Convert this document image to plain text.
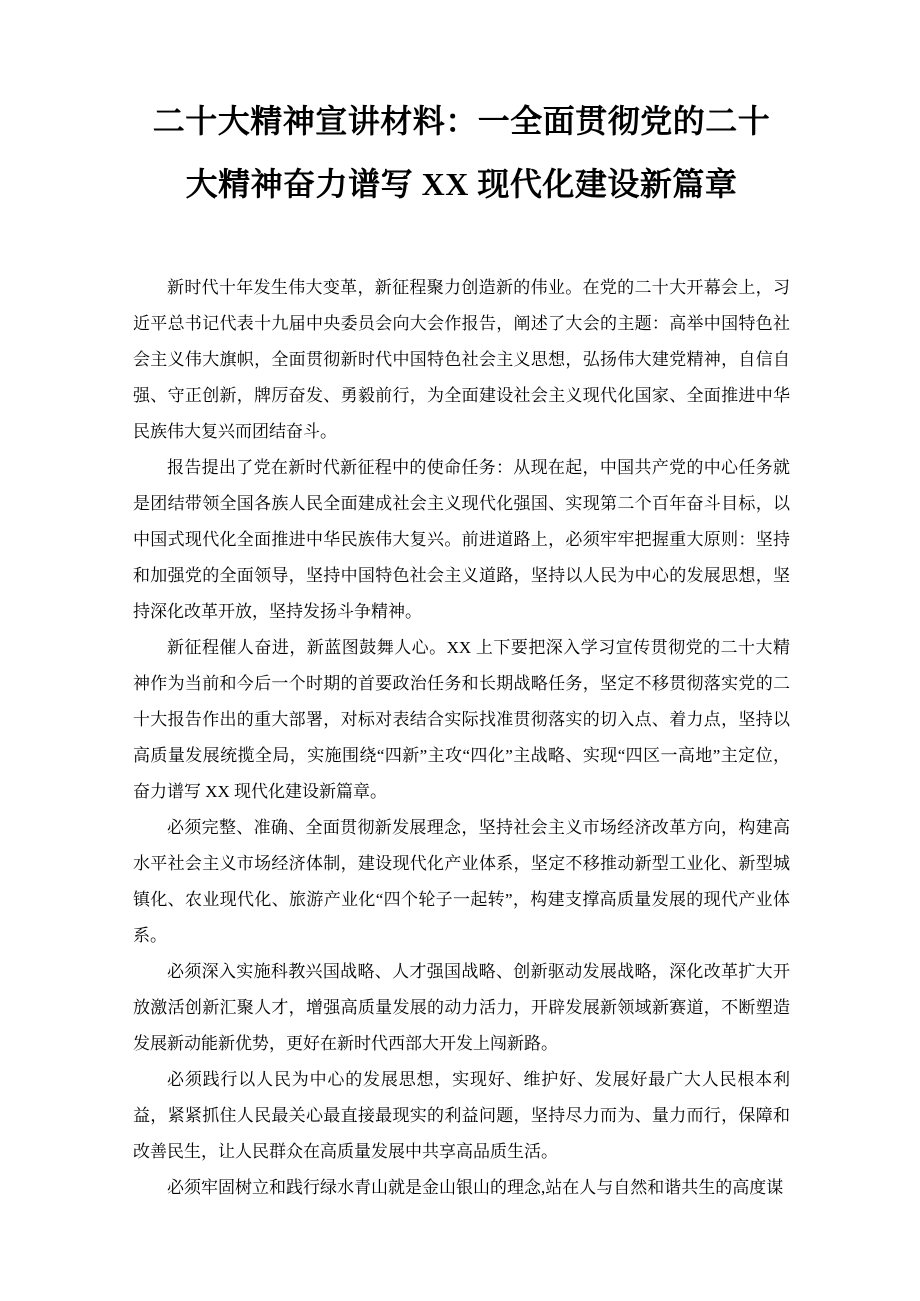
二十大精神宣讲材料：一全面贯彻党的二十
大精神奋力谱写 XX 现代化建设新篇章

新时代十年发生伟大变革，新征程聚力创造新的伟业。在党的二十大开幕会上，习近平总书记代表十九届中央委员会向大会作报告，阐述了大会的主题：高举中国特色社会主义伟大旗帜，全面贯彻新时代中国特色社会主义思想，弘扬伟大建党精神，自信自强、守正创新，牌厉奋发、勇毅前行，为全面建设社会主义现代化国家、全面推进中华民族伟大复兴而团结奋斗。

报告提出了党在新时代新征程中的使命任务：从现在起，中国共产党的中心任务就是团结带领全国各族人民全面建成社会主义现代化强国、实现第二个百年奋斗目标，以中国式现代化全面推进中华民族伟大复兴。前进道路上，必须牢牢把握重大原则：坚持和加强党的全面领导，坚持中国特色社会主义道路，坚持以人民为中心的发展思想，坚持深化改革开放，坚持发扬斗争精神。

新征程催人奋进，新蓝图鼓舞人心。XX 上下要把深入学习宣传贯彻党的二十大精神作为当前和今后一个时期的首要政治任务和长期战略任务，坚定不移贯彻落实党的二十大报告作出的重大部署，对标对表结合实际找准贯彻落实的切入点、着力点，坚持以高质量发展统揽全局，实施围绕“四新”主攻“四化”主战略、实现“四区一高地”主定位，奋力谱写 XX 现代化建设新篇章。

必须完整、准确、全面贯彻新发展理念，坚持社会主义市场经济改革方向，构建高水平社会主义市场经济体制，建设现代化产业体系，坚定不移推动新型工业化、新型城镇化、农业现代化、旅游产业化“四个轮子一起转”，构建支撑高质量发展的现代产业体系。

必须深入实施科教兴国战略、人才强国战略、创新驱动发展战略，深化改革扩大开放激活创新汇聚人才，增强高质量发展的动力活力，开辟发展新领域新赛道，不断塑造发展新动能新优势，更好在新时代西部大开发上闯新路。

必须践行以人民为中心的发展思想，实现好、维护好、发展好最广大人民根本利益，紧紧抓住人民最关心最直接最现实的利益问题，坚持尽力而为、量力而行，保障和改善民生，让人民群众在高质量发展中共享高品质生活。

必须牢固树立和践行绿水青山就是金山银山的理念,站在人与自然和谐共生的高度谋
